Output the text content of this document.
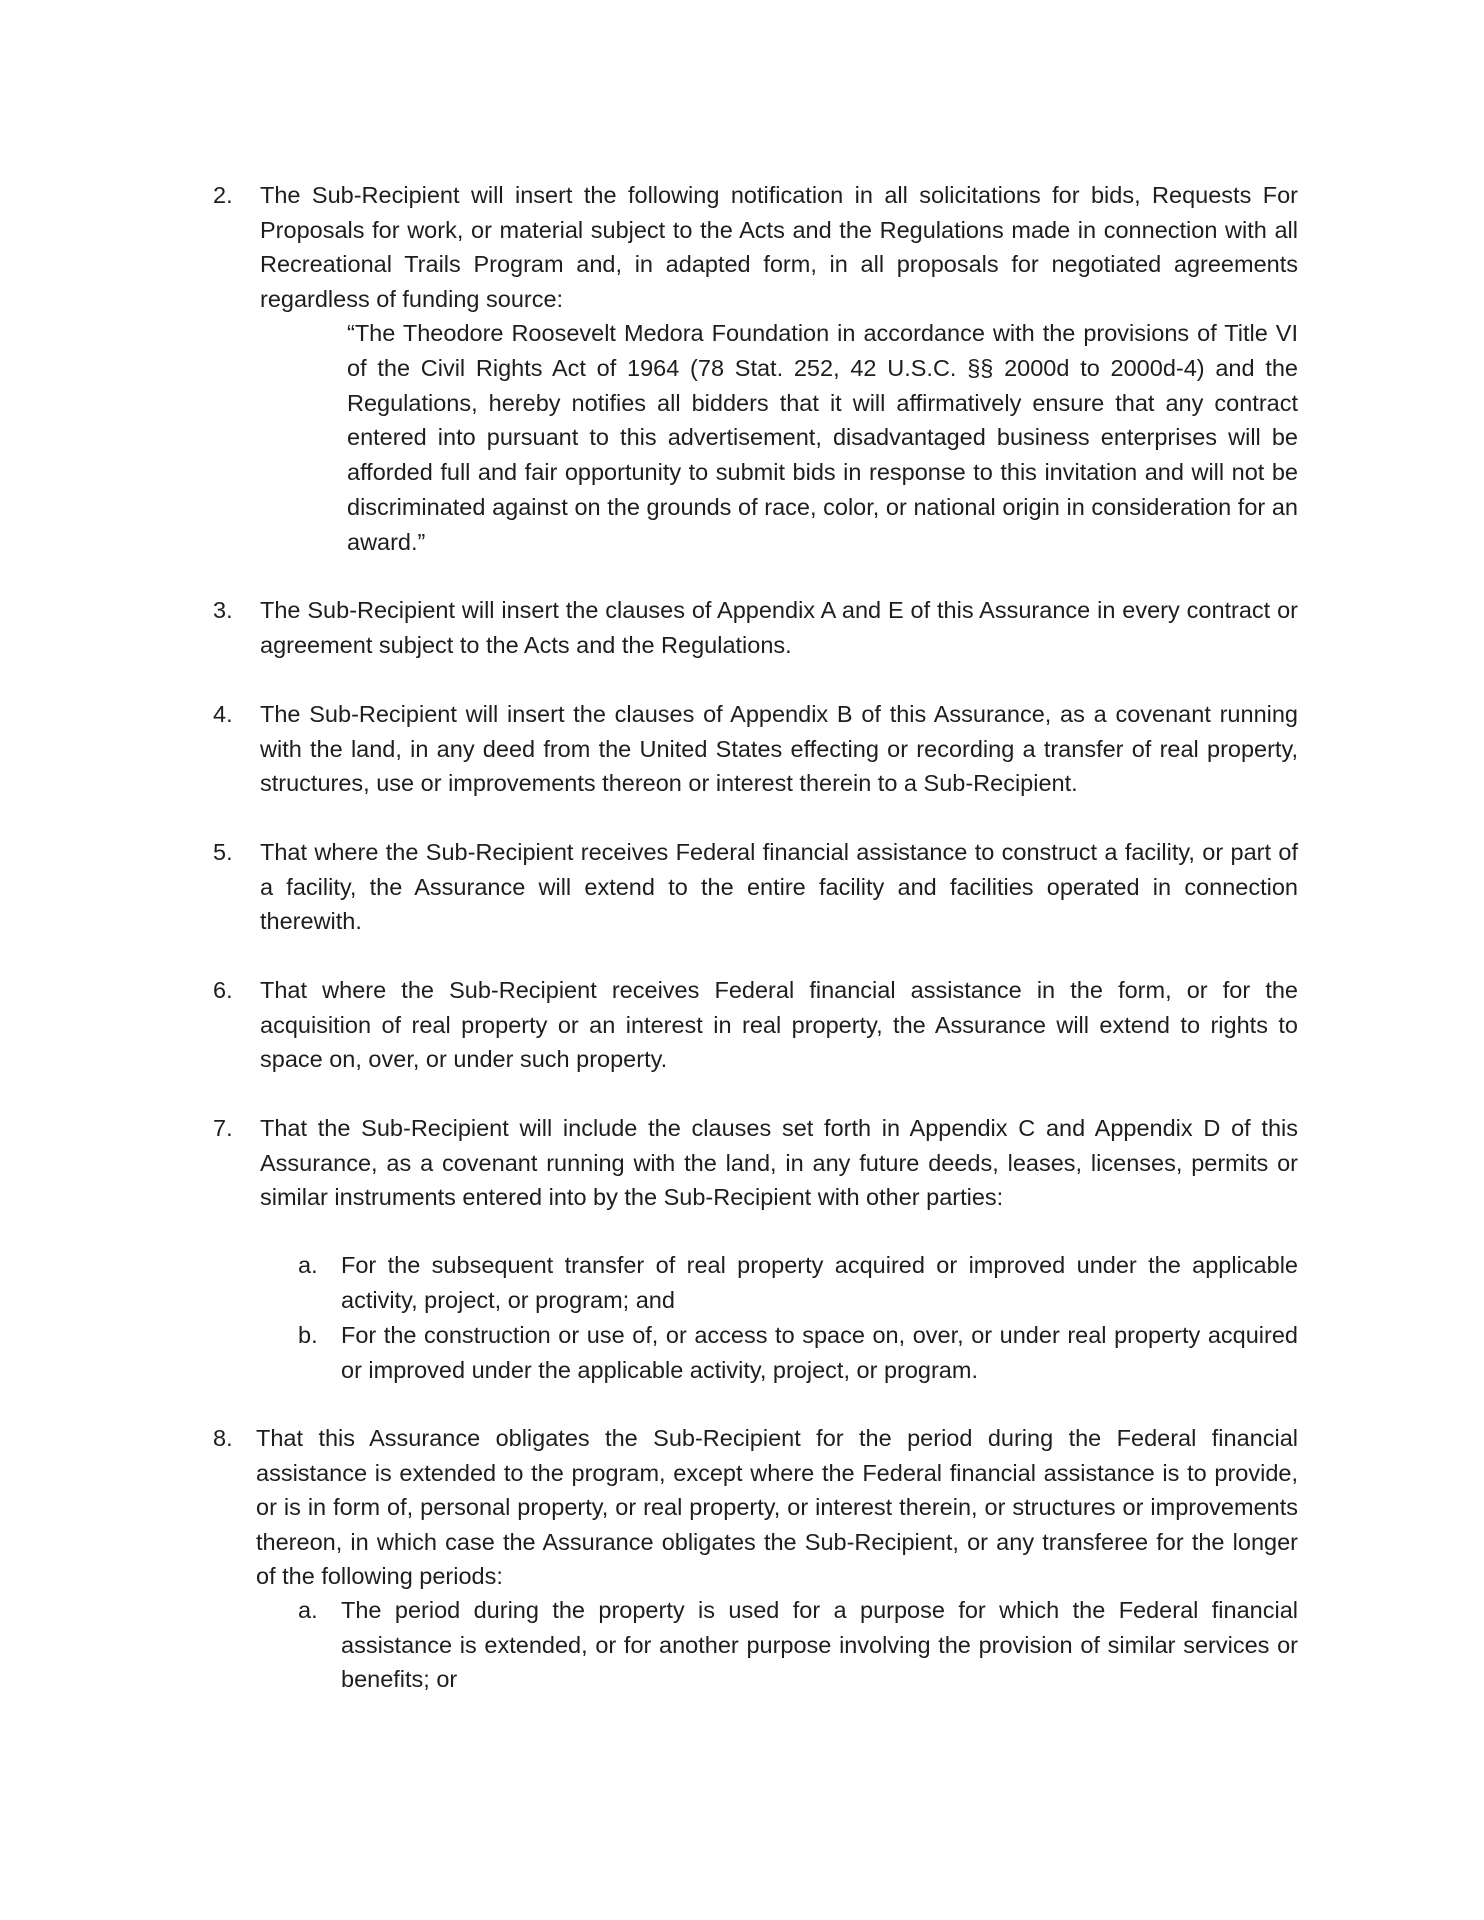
2.	The Sub-Recipient will insert the following notification in all solicitations for bids, Requests For Proposals for work, or material subject to the Acts and the Regulations made in connection with all Recreational Trails Program and, in adapted form, in all proposals for negotiated agreements regardless of funding source:
“The Theodore Roosevelt Medora Foundation in accordance with the provisions of Title VI of the Civil Rights Act of 1964 (78 Stat. 252, 42 U.S.C. §§ 2000d to 2000d-4) and the Regulations, hereby notifies all bidders that it will affirmatively ensure that any contract entered into pursuant to this advertisement, disadvantaged business enterprises will be afforded full and fair opportunity to submit bids in response to this invitation and will not be discriminated against on the grounds of race, color, or national origin in consideration for an award.”
3.	The Sub-Recipient will insert the clauses of Appendix A and E of this Assurance in every contract or agreement subject to the Acts and the Regulations.
4.	The Sub-Recipient will insert the clauses of Appendix B of this Assurance, as a covenant running with the land, in any deed from the United States effecting or recording a transfer of real property, structures, use or improvements thereon or interest therein to a Sub-Recipient.
5.	That where the Sub-Recipient receives Federal financial assistance to construct a facility, or part of a facility, the Assurance will extend to the entire facility and facilities operated in connection therewith.
6.	That where the Sub-Recipient receives Federal financial assistance in the form, or for the acquisition of real property or an interest in real property, the Assurance will extend to rights to space on, over, or under such property.
7.	That the Sub-Recipient will include the clauses set forth in Appendix C and Appendix D of this Assurance, as a covenant running with the land, in any future deeds, leases, licenses, permits or similar instruments entered into by the Sub-Recipient with other parties:
a. For the subsequent transfer of real property acquired or improved under the applicable activity, project, or program; and
b. For the construction or use of, or access to space on, over, or under real property acquired or improved under the applicable activity, project, or program.
8. That this Assurance obligates the Sub-Recipient for the period during the Federal financial assistance is extended to the program, except where the Federal financial assistance is to provide, or is in form of, personal property, or real property, or interest therein, or structures or improvements thereon, in which case the Assurance obligates the Sub-Recipient, or any transferee for the longer of the following periods:
a. The period during the property is used for a purpose for which the Federal financial assistance is extended, or for another purpose involving the provision of similar services or benefits; or
